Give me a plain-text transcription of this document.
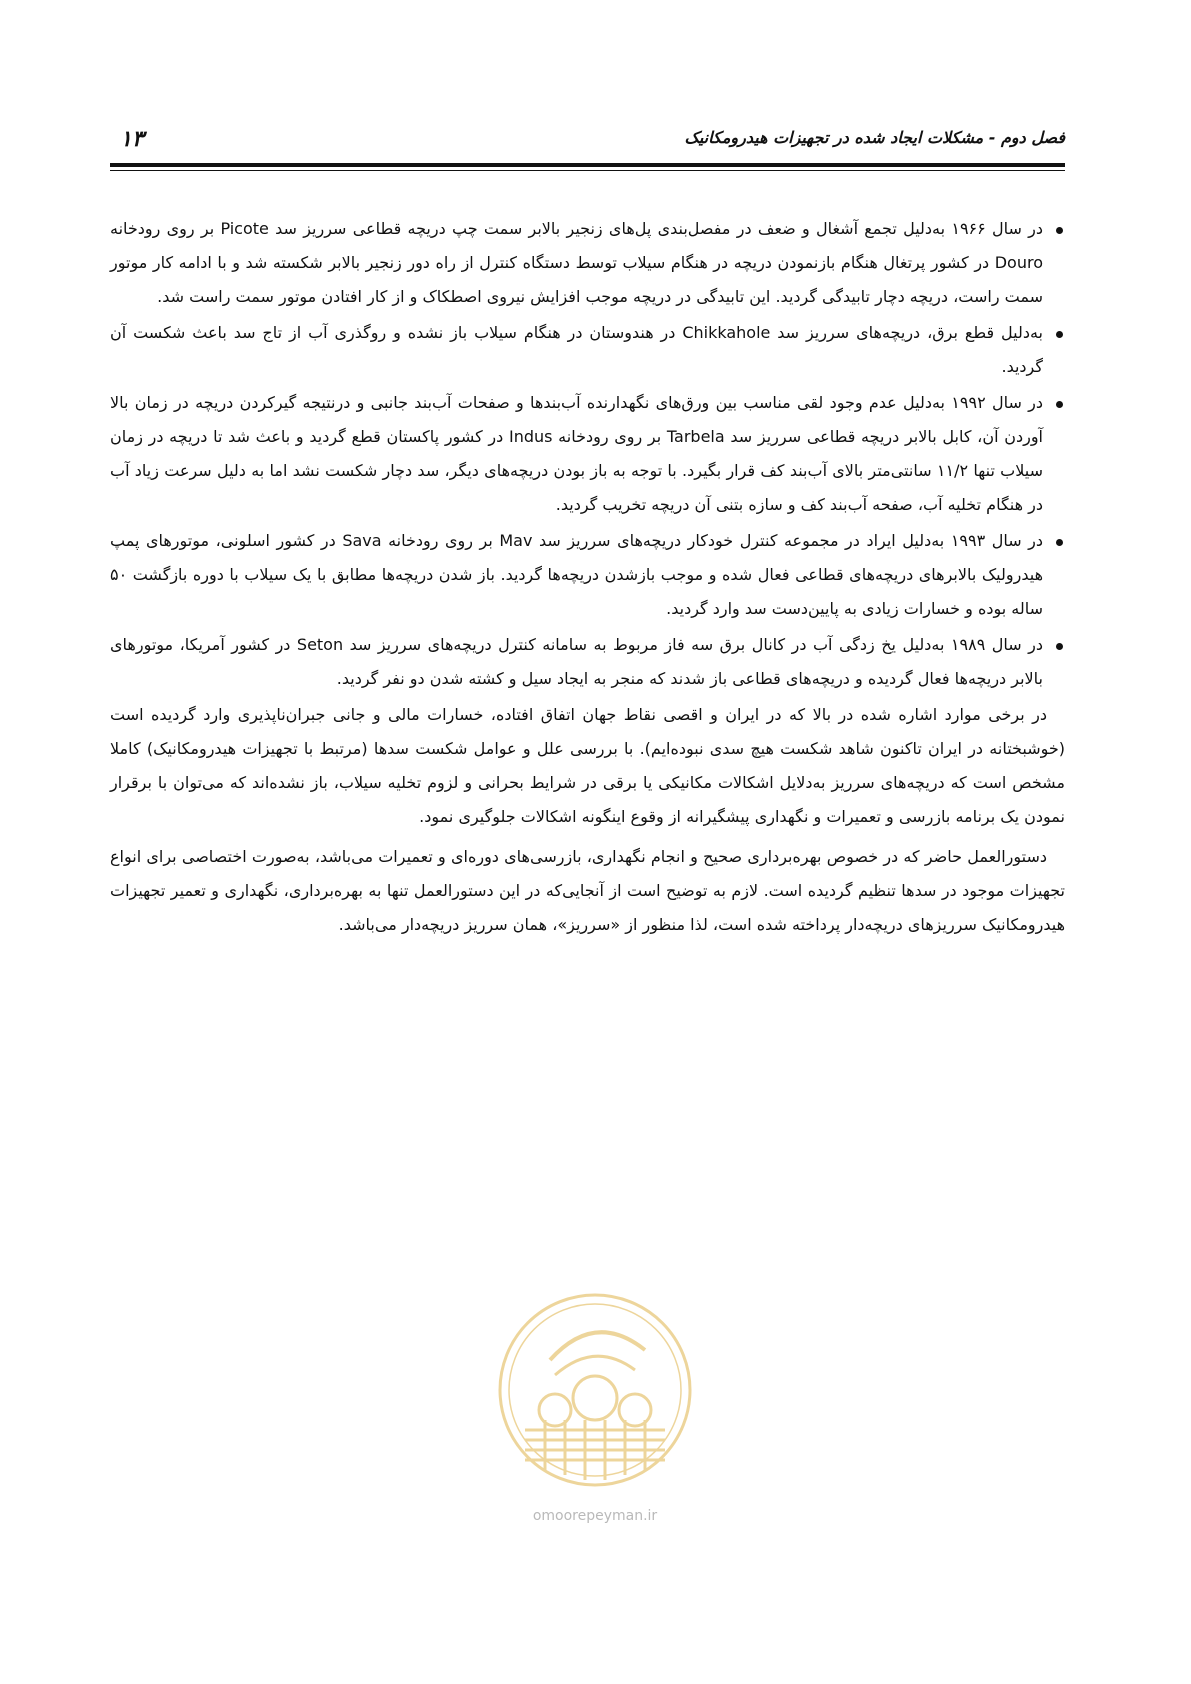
۱۳	فصل دوم - مشکلات ایجاد شده در تجهیزات هیدرومکانیک
در سال ۱۹۶۶ به‌دلیل تجمع آشغال و ضعف در مفصل‌بندی پل‌های زنجیر بالابر سمت چپ دریچه قطاعی سرریز سد Picote بر روی رودخانه Douro در کشور پرتغال هنگام بازنمودن دریچه در هنگام سیلاب توسط دستگاه کنترل از راه دور زنجیر بالابر شکسته شد و با ادامه کار موتور سمت راست، دریچه دچار تابیدگی گردید. این تابیدگی در دریچه موجب افزایش نیروی اصطکاک و از کار افتادن موتور سمت راست شد.
به‌دلیل قطع برق، دریچه‌های سرریز سد Chikkahole در هندوستان در هنگام سیلاب باز نشده و روگذری آب از تاج سد باعث شکست آن گردید.
در سال ۱۹۹۲ به‌دلیل عدم وجود لقی مناسب بین ورق‌های نگهدارنده آب‌بندها و صفحات آب‌بند جانبی و درنتیجه گیرکردن دریچه در زمان بالا آوردن آن، کابل بالابر دریچه قطاعی سرریز سد Tarbela بر روی رودخانه Indus در کشور پاکستان قطع گردید و باعث شد تا دریچه در زمان سیلاب تنها ۱۱/۲ سانتی‌متر بالای آب‌بند کف قرار بگیرد. با توجه به باز بودن دریچه‌های دیگر، سد دچار شکست نشد اما به دلیل سرعت زیاد آب در هنگام تخلیه آب، صفحه آب‌بند کف و سازه بتنی آن دریچه تخریب گردید.
در سال ۱۹۹۳ به‌دلیل ایراد در مجموعه کنترل خودکار دریچه‌های سرریز سد Mav بر روی رودخانه Sava در کشور اسلونی، موتورهای پمپ هیدرولیک بالابرهای دریچه‌های قطاعی فعال شده و موجب بازشدن دریچه‌ها گردید. باز شدن دریچه‌ها مطابق با یک سیلاب با دوره بازگشت ۵۰ ساله بوده و خسارات زیادی به پایین‌دست سد وارد گردید.
در سال ۱۹۸۹ به‌دلیل یخ زدگی آب در کانال برق سه فاز مربوط به سامانه کنترل دریچه‌های سرریز سد Seton در کشور آمریکا، موتورهای بالابر دریچه‌ها فعال گردیده و دریچه‌های قطاعی باز شدند که منجر به ایجاد سیل و کشته شدن دو نفر گردید.

در برخی موارد اشاره شده در بالا که در ایران و اقصی نقاط جهان اتفاق افتاده، خسارات مالی و جانی جبران‌ناپذیری وارد گردیده است (خوشبختانه در ایران تاکنون شاهد شکست هیچ سدی نبوده‌ایم). با بررسی علل و عوامل شکست سدها (مرتبط با تجهیزات هیدرومکانیک) کاملا مشخص است که دریچه‌های سرریز به‌دلایل اشکالات مکانیکی یا برقی در شرایط بحرانی و لزوم تخلیه سیلاب، باز نشده‌اند که می‌توان با برقرار نمودن یک برنامه بازرسی و تعمیرات و نگهداری پیشگیرانه از وقوع اینگونه اشکالات جلوگیری نمود.

دستورالعمل حاضر که در خصوص بهره‌برداری صحیح و انجام نگهداری، بازرسی‌های دوره‌ای و تعمیرات می‌باشد، به‌صورت اختصاصی برای انواع تجهیزات موجود در سدها تنظیم گردیده است. لازم به توضیح است از آنجایی‌که در این دستورالعمل تنها به بهره‌برداری، نگهداری و تعمیر تجهیزات هیدرومکانیک سرریزهای دریچه‌دار پرداخته شده است، لذا منظور از «سرریز»، همان سرریز دریچه‌دار می‌باشد.

omoorepeyman.ir
